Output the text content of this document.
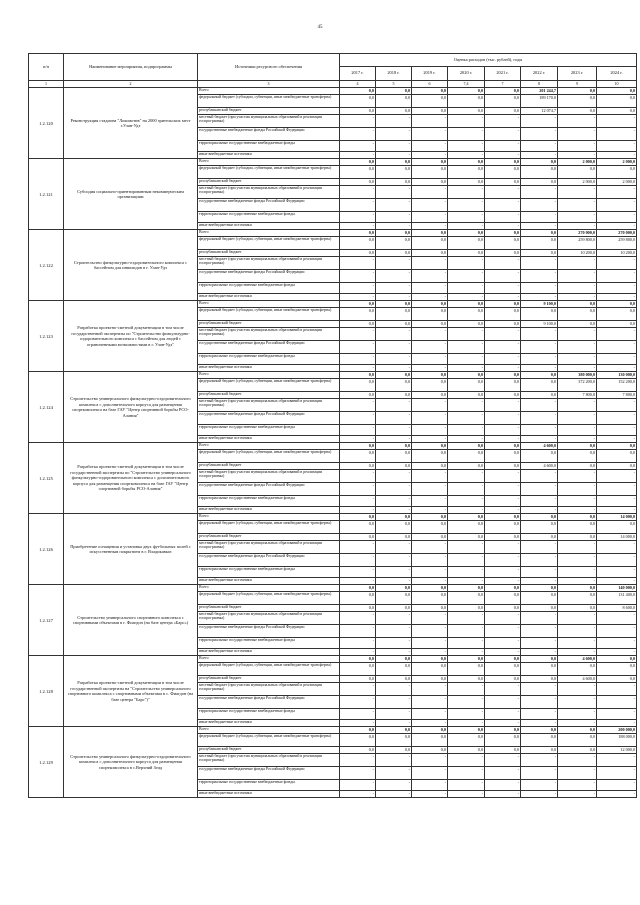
45
п/п	Наименование мероприятия, подпрограммы	Источники ресурсного обеспечения	Оценка расходов (тыс. рублей), годы							
			2017 г.	2018 г.	2019 г.	2020 г.	2021 г.	2022 г.	2023 г.	2024 г.
1	2	3	4	5	6	7,4	7	8	9	10
1.2.120	Реконструкция стадиона "Локомотив" на 2000 зрительских мест г.Улан-Удэ	Всего	0,0	0,0	0,0	0,0	0,0	201 244,7	0,0	0,0
		федеральный бюджет (субсидии, субвенции, иные межбюджетные трансферты)	0,0	0,0	0,0	0,0	0,0	189 170,0	0,0	0,0
		республиканский бюджет	0,0	0,0	0,0	0,0	0,0	12 074,7	0,0	0,0
		местный бюджет (при участии муниципальных образований в реализации госпрограммы)	-	-	-	-	-	-	-	-
		государственные внебюджетные фонды Российской Федерации	-	-	-	-	-	-	-	-
		территориальные государственные внебюджетные фонды	-	-	-	-	-	-	-	-
		иные внебюджетные источники	-	-	-	-	-	-	-	-
1.2.121	Субсидия социально-ориентированным некоммерческим организациям	Всего	0,0	0,0	0,0	0,0	0,0	0,0	2 000,0	2 000,0
		федеральный бюджет (субсидии, субвенции, иные межбюджетные трансферты)	0,0	0,0	0,0	0,0	0,0	0,0	0,0	0,0
		республиканский бюджет	0,0	0,0	0,0	0,0	0,0	0,0	2 000,0	2 000,0
		местный бюджет (при участии муниципальных образований в реализации госпрограммы)	-	-	-	-	-	-	-	-
		государственные внебюджетные фонды Российской Федерации	-	-	-	-	-	-	-	-
		территориальные государственные внебюджетные фонды	-	-	-	-	-	-	-	-
		иные внебюджетные источники	-	-	-	-	-	-	-	-
1.2.122	Строительство физкультурно-оздоровительного комплекса с бассейном для инвалидов в г. Улан-Удэ	Всего	0,0	0,0	0,0	0,0	0,0	0,0	270 000,0	270 000,0
		федеральный бюджет (субсидии, субвенции, иные межбюджетные трансферты)	0,0	0,0	0,0	0,0	0,0	0,0	259 800,0	259 800,0
		республиканский бюджет	0,0	0,0	0,0	0,0	0,0	0,0	10 200,0	10 200,0
		местный бюджет (при участии муниципальных образований в реализации госпрограммы)	-	-	-	-	-	-	-	-
		государственные внебюджетные фонды Российской Федерации	-	-	-	-	-	-	-	-
		территориальные государственные внебюджетные фонды	-	-	-	-	-	-	-	-
		иные внебюджетные источники	-	-	-	-	-	-	-	-
1.2.123	Разработка проектно-сметной документации в том числе государственной экспертизы по "Строительство физкультурно-оздоровительного комплекса с бассейном для людей с ограниченными возможностями в г. Улан-Удэ"	Всего	0,0	0,0	0,0	0,0	0,0	9 100,0	0,0	0,0
		федеральный бюджет (субсидии, субвенции, иные межбюджетные трансферты)	0,0	0,0	0,0	0,0	0,0	0,0	0,0	0,0
		республиканский бюджет	0,0	0,0	0,0	0,0	0,0	9 100,0	0,0	0,0
		местный бюджет (при участии муниципальных образований в реализации госпрограммы)	-	-	-	-	-	-	-	-
		государственные внебюджетные фонды Российской Федерации	-	-	-	-	-	-	-	-
		территориальные государственные внебюджетные фонды	-	-	-	-	-	-	-	-
		иные внебюджетные источники	-	-	-	-	-	-	-	-
1.2.124	Строительство универсального физкультурно-оздоровительного комплекса с дополнительного корпуса для размещения спорткомплекса на базе ГАУ "Центр спортивной борьбы РСО-Алания"	Всего	0,0	0,0	0,0	0,0	0,0	0,0	380 000,0	130 000,0
		федеральный бюджет (субсидии, субвенции, иные межбюджетные трансферты)	0,0	0,0	0,0	0,0	0,0	0,0	372 200,0	152 200,0
		республиканский бюджет	0,0	0,0	0,0	0,0	0,0	0,0	7 800,0	7 800,0
		местный бюджет (при участии муниципальных образований в реализации госпрограммы)	-	-	-	-	-	-	-	-
		государственные внебюджетные фонды Российской Федерации	-	-	-	-	-	-	-	-
		территориальные государственные внебюджетные фонды	-	-	-	-	-	-	-	-
		иные внебюджетные источники	-	-	-	-	-	-	-	-
1.2.125	Разработка проектно-сметной документации в том числе государственной экспертизы по "Строительство универсального физкультурно-оздоровительного комплекса с дополнительного корпуса для размещения спорткомплекса на базе ГАУ "Центр спортивной борьбы РСО-Алания"	Всего	0,0	0,0	0,0	0,0	0,0	4 600,0	0,0	0,0
		федеральный бюджет (субсидии, субвенции, иные межбюджетные трансферты)	0,0	0,0	0,0	0,0	0,0	0,0	0,0	0,0
		республиканский бюджет	0,0	0,0	0,0	0,0	0,0	4 600,0	0,0	0,0
		местный бюджет (при участии муниципальных образований в реализации госпрограммы)	-	-	-	-	-	-	-	-
		государственные внебюджетные фонды Российской Федерации	-	-	-	-	-	-	-	-
		территориальные государственные внебюджетные фонды	-	-	-	-	-	-	-	-
		иные внебюджетные источники	-	-	-	-	-	-	-	-
1.2.126	Приобретение оснащения и установка двух футбольных полей с искусственным покрытием в г. Владикавказ	Всего	0,0	0,0	0,0	0,0	0,0	0,0	0,0	14 000,0
		федеральный бюджет (субсидии, субвенции, иные межбюджетные трансферты)	0,0	0,0	0,0	0,0	0,0	0,0	0,0	0,0
		республиканский бюджет	0,0	0,0	0,0	0,0	0,0	0,0	0,0	14 000,0
		местный бюджет (при участии муниципальных образований в реализации госпрограммы)	-	-	-	-	-	-	-	-
		государственные внебюджетные фонды Российской Федерации	-	-	-	-	-	-	-	-
		территориальные государственные внебюджетные фонды	-	-	-	-	-	-	-	-
		иные внебюджетные источники	-	-	-	-	-	-	-	-
1.2.127	Строительство универсального спортивного комплекса с спортивными объектами в г. Фиагдон (на базе центра «Барс»)	Всего	0,0	0,0	0,0	0,0	0,0	0,0	0,0	140 000,0
		федеральный бюджет (субсидии, субвенции, иные межбюджетные трансферты)	0,0	0,0	0,0	0,0	0,0	0,0	0,0	131 400,0
		республиканский бюджет	0,0	0,0	0,0	0,0	0,0	0,0	0,0	8 600,0
		местный бюджет (при участии муниципальных образований в реализации госпрограммы)	-	-	-	-	-	-	-	-
		государственные внебюджетные фонды Российской Федерации	-	-	-	-	-	-	-	-
		территориальные государственные внебюджетные фонды	-	-	-	-	-	-	-	-
		иные внебюджетные источники	-	-	-	-	-	-	-	-
1.2.128	Разработка проектно-сметной документации в том числе государственной экспертизы на "Строительство универсального спортивного комплекса с спортивными объектами в с. Фиагдон (на базе центра "Барс")"	Всего	0,0	0,0	0,0	0,0	0,0	0,0	4 600,0	0,0
		федеральный бюджет (субсидии, субвенции, иные межбюджетные трансферты)	0,0	0,0	0,0	0,0	0,0	0,0	0,0	0,0
		республиканский бюджет	0,0	0,0	0,0	0,0	0,0	0,0	4 600,0	0,0
		местный бюджет (при участии муниципальных образований в реализации госпрограммы)	-	-	-	-	-	-	-	-
		государственные внебюджетные фонды Российской Федерации	-	-	-	-	-	-	-	-
		территориальные государственные внебюджетные фонды	-	-	-	-	-	-	-	-
		иные внебюджетные источники	-	-	-	-	-	-	-	-
1.2.129	Строительство универсального физкультурно-оздоровительного комплекса с дополнительного корпуса для размещения спорткомплекса в с.Верхний Згид	Всего	0,0	0,0	0,0	0,0	0,0	0,0	0,0	200 000,0
		федеральный бюджет (субсидии, субвенции, иные межбюджетные трансферты)	0,0	0,0	0,0	0,0	0,0	0,0	0,0	188 000,0
		республиканский бюджет	0,0	0,0	0,0	0,0	0,0	0,0	0,0	12 000,0
		местный бюджет (при участии муниципальных образований в реализации госпрограммы)	-	-	-	-	-	-	-	-
		государственные внебюджетные фонды Российской Федерации	-	-	-	-	-	-	-	-
		территориальные государственные внебюджетные фонды	-	-	-	-	-	-	-	-
		иные внебюджетные источники	-	-	-	-	-	-	-	-
